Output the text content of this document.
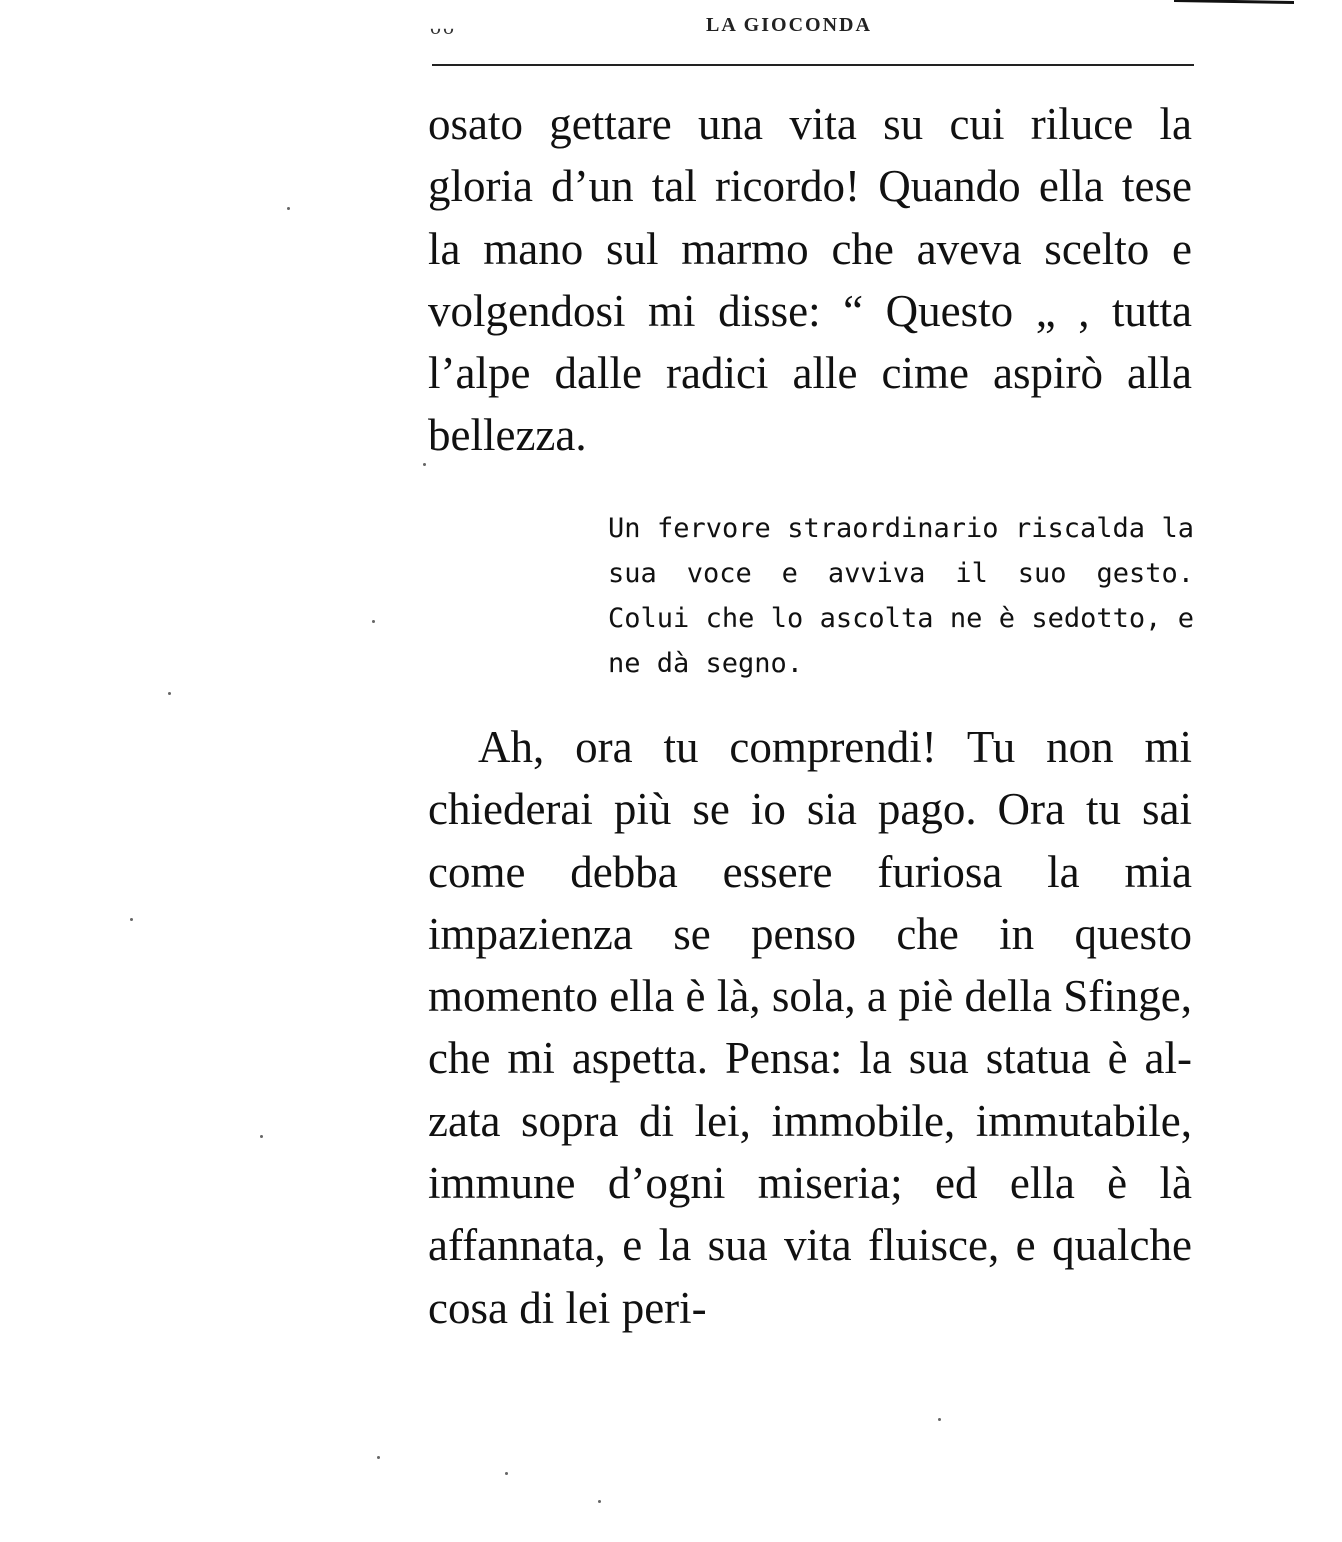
ᴗᴗ	LA GIOCONDA

osato gettare una vita su cui riluce la gloria d’un tal ricordo! Quando ella tese la mano sul marmo che aveva scelto e volgendosi mi disse: “ Questo „ , tutta l’alpe dalle radici alle cime aspirò alla bellezza.

Un fervore straordinario riscalda la sua voce e avviva il suo gesto. Colui che lo ascolta ne è sedotto, e ne dà segno.

Ah, ora tu comprendi! Tu non mi chiederai più se io sia pago. Ora tu sai come debba essere furiosa la mia impazienza se penso che in questo momento ella è là, sola, a piè della Sfinge, che mi aspetta. Pensa: la sua statua è alzata sopra di lei, immobile, immutabile, immune d’ogni miseria; ed ella è là affannata, e la sua vita fluisce, e qualche cosa di lei peri-
